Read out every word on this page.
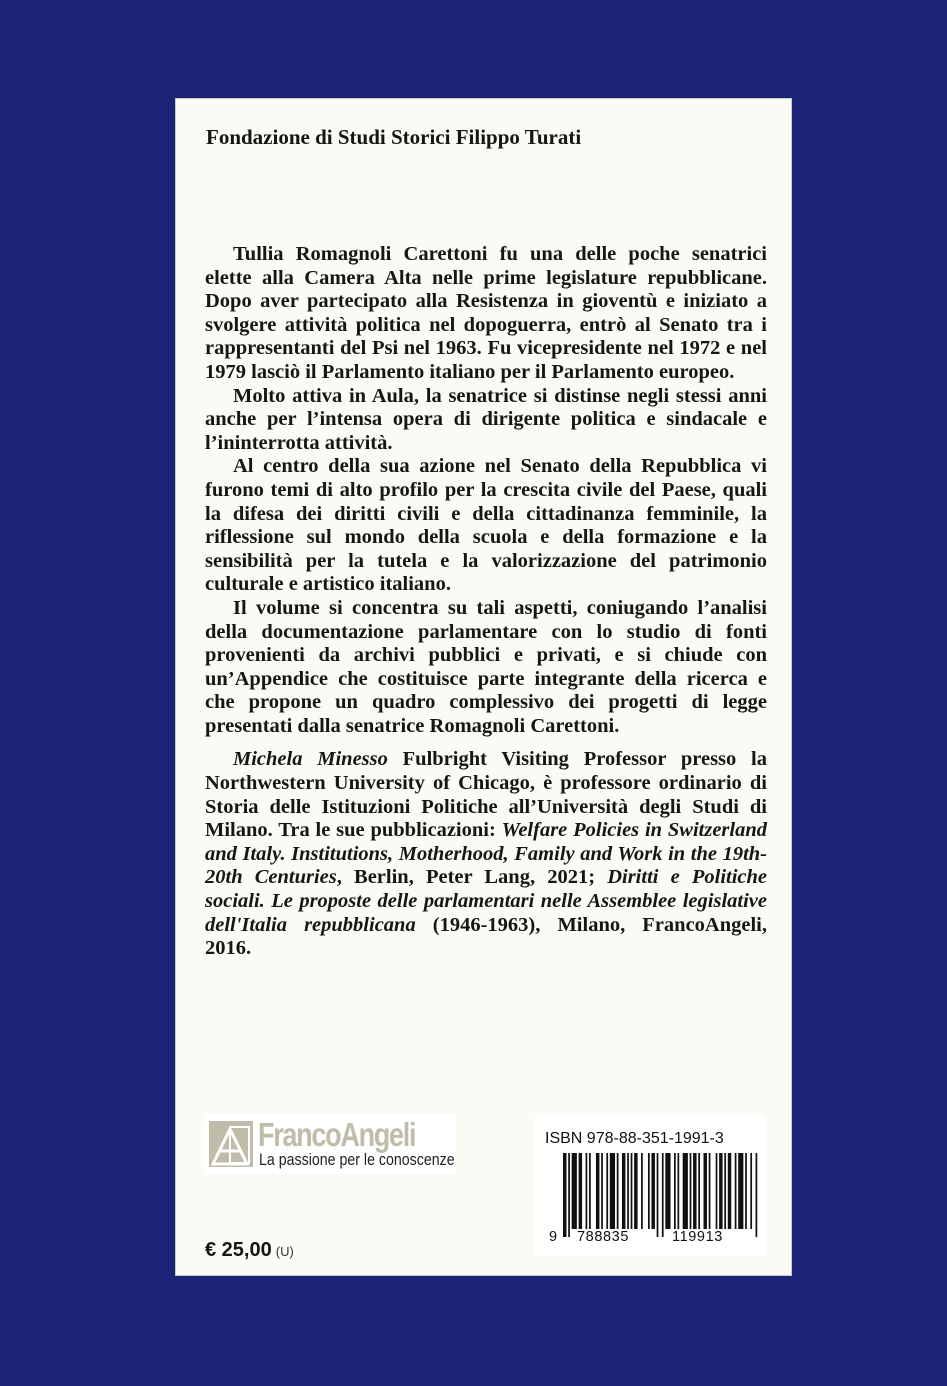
Fondazione di Studi Storici Filippo Turati

Tullia Romagnoli Carettoni fu una delle poche senatrici elette alla Camera Alta nelle prime legislature repubblicane. Dopo aver partecipato alla Resistenza in gioventù e iniziato a svolgere attività politica nel dopoguerra, entrò al Senato tra i rappresentanti del Psi nel 1963. Fu vicepresidente nel 1972 e nel 1979 lasciò il Parlamento italiano per il Parlamento europeo.

Molto attiva in Aula, la senatrice si distinse negli stessi anni anche per l’intensa opera di dirigente politica e sindacale e l’ininterrotta attività.

Al centro della sua azione nel Senato della Repubblica vi furono temi di alto profilo per la crescita civile del Paese, quali la difesa dei diritti civili e della cittadinanza femminile, la riflessione sul mondo della scuola e della formazione e la sensibilità per la tutela e la valorizzazione del patrimonio culturale e artistico italiano.

Il volume si concentra su tali aspetti, coniugando l’analisi della documentazione parlamentare con lo studio di fonti provenienti da archivi pubblici e privati, e si chiude con un’Appendice che costituisce parte integrante della ricerca e che propone un quadro complessivo dei progetti di legge presentati dalla senatrice Romagnoli Carettoni.

Michela Minesso Fulbright Visiting Professor presso la Northwestern University of Chicago, è professore ordinario di Storia delle Istituzioni Politiche all’Università degli Studi di Milano. Tra le sue pubblicazioni: Welfare Policies in Switzerland and Italy. Institutions, Motherhood, Family and Work in the 19th-20th Centuries, Berlin, Peter Lang, 2021; Diritti e Politiche sociali. Le proposte delle parlamentari nelle Assemblee legislative dell'Italia repubblicana (1946-1963), Milano, FrancoAngeli, 2016.

FrancoAngeli
La passione per le conoscenze
€ 25,00 (U)
ISBN 978-88-351-1991-3
9 788835	119913
